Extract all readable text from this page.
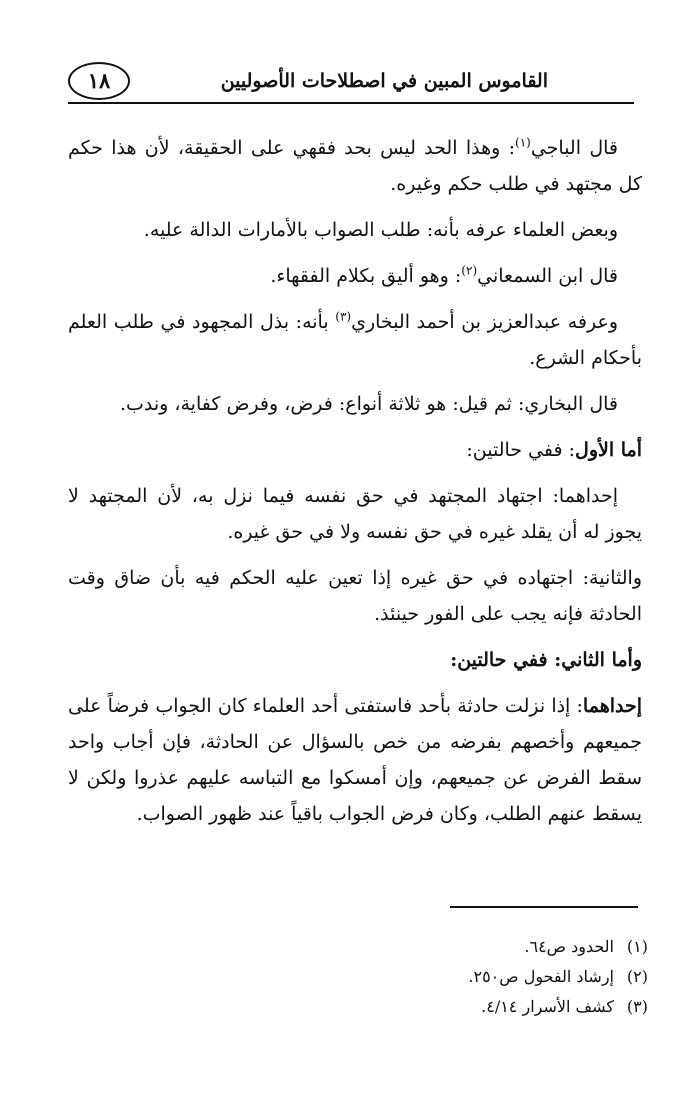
١٨	القاموس المبين في اصطلاحات الأصوليين

قال الباجي$^{(١)}$: وهذا الحد ليس بحد فقهي على الحقيقة، لأن هذا حكم كل مجتهد في طلب حكم وغيره.

وبعض العلماء عرفه بأنه: طلب الصواب بالأمارات الدالة عليه.

قال ابن السمعاني$^{(٢)}$: وهو أليق بكلام الفقهاء.

وعرفه عبدالعزيز بن أحمد البخاري$^{(٣)}$ بأنه: بذل المجهود في طلب العلم بأحكام الشرع.

قال البخاري: ثم قيل: هو ثلاثة أنواع: فرض، وفرض كفاية، وندب.

أما الأول: ففي حالتين:

إحداهما: اجتهاد المجتهد في حق نفسه فيما نزل به، لأن المجتهد لا يجوز له أن يقلد غيره في حق نفسه ولا في حق غيره.

والثانية: اجتهاده في حق غيره إذا تعين عليه الحكم فيه بأن ضاق وقت الحادثة فإنه يجب على الفور حينئذ.

وأما الثاني: ففي حالتين:

إحداهما: إذا نزلت حادثة بأحد فاستفتى أحد العلماء كان الجواب فرضاً على جميعهم وأخصهم بفرضه من خص بالسؤال عن الحادثة، فإن أجاب واحد سقط الفرض عن جميعهم، وإن أمسكوا مع التباسه عليهم عذروا ولكن لا يسقط عنهم الطلب، وكان فرض الجواب باقياً عند ظهور الصواب.

(١)الحدود ص٦٤.
(٢)إرشاد الفحول ص٢٥٠.
(٣)كشف الأسرار ٤/١٤.
